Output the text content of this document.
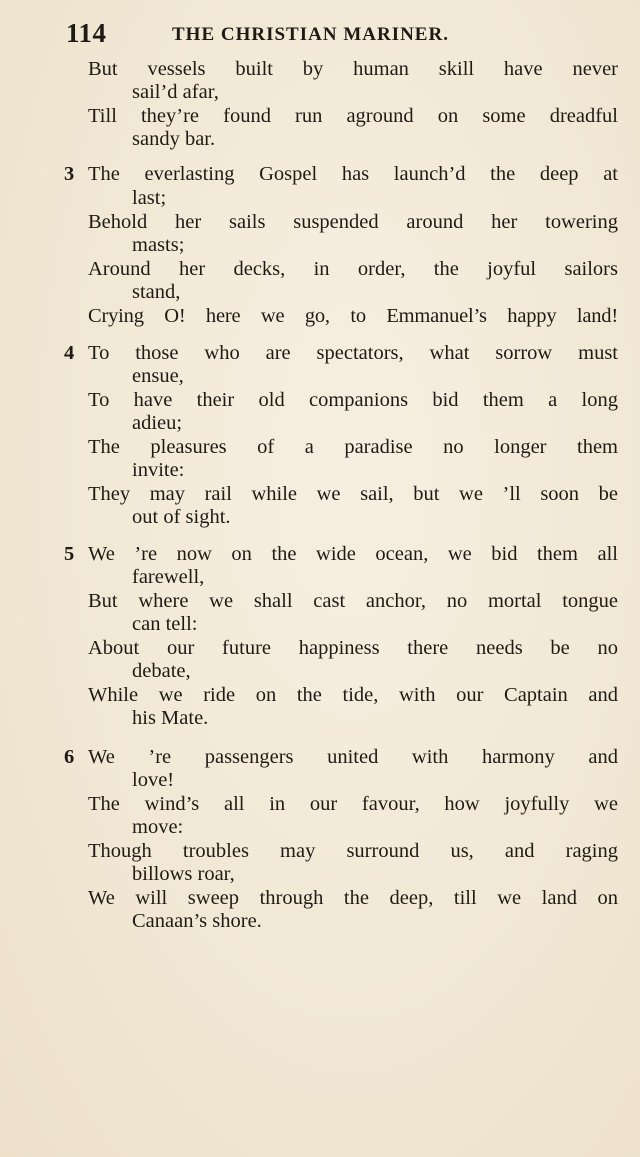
114	THE CHRISTIAN MARINER.
But vessels built by human skill have never
sail’d afar,
Till they’re found run aground on some dreadful
sandy bar.
3 The everlasting Gospel has launch’d the deep at
last;
Behold her sails suspended around her towering
masts;
Around her decks, in order, the joyful sailors
stand,
Crying O! here we go, to Emmanuel’s happy land!
4 To those who are spectators, what sorrow must
ensue,
To have their old companions bid them a long
adieu;
The pleasures of a paradise no longer them
invite:
They may rail while we sail, but we ’ll soon be
out of sight.
5 We ’re now on the wide ocean, we bid them all
farewell,
But where we shall cast anchor, no mortal tongue
can tell:
About our future happiness there needs be no
debate,
While we ride on the tide, with our Captain and
his Mate.
6 We ’re passengers united with harmony and
love!
The wind’s all in our favour, how joyfully we
move:
Though troubles may surround us, and raging
billows roar,
We will sweep through the deep, till we land on
Canaan’s shore.
